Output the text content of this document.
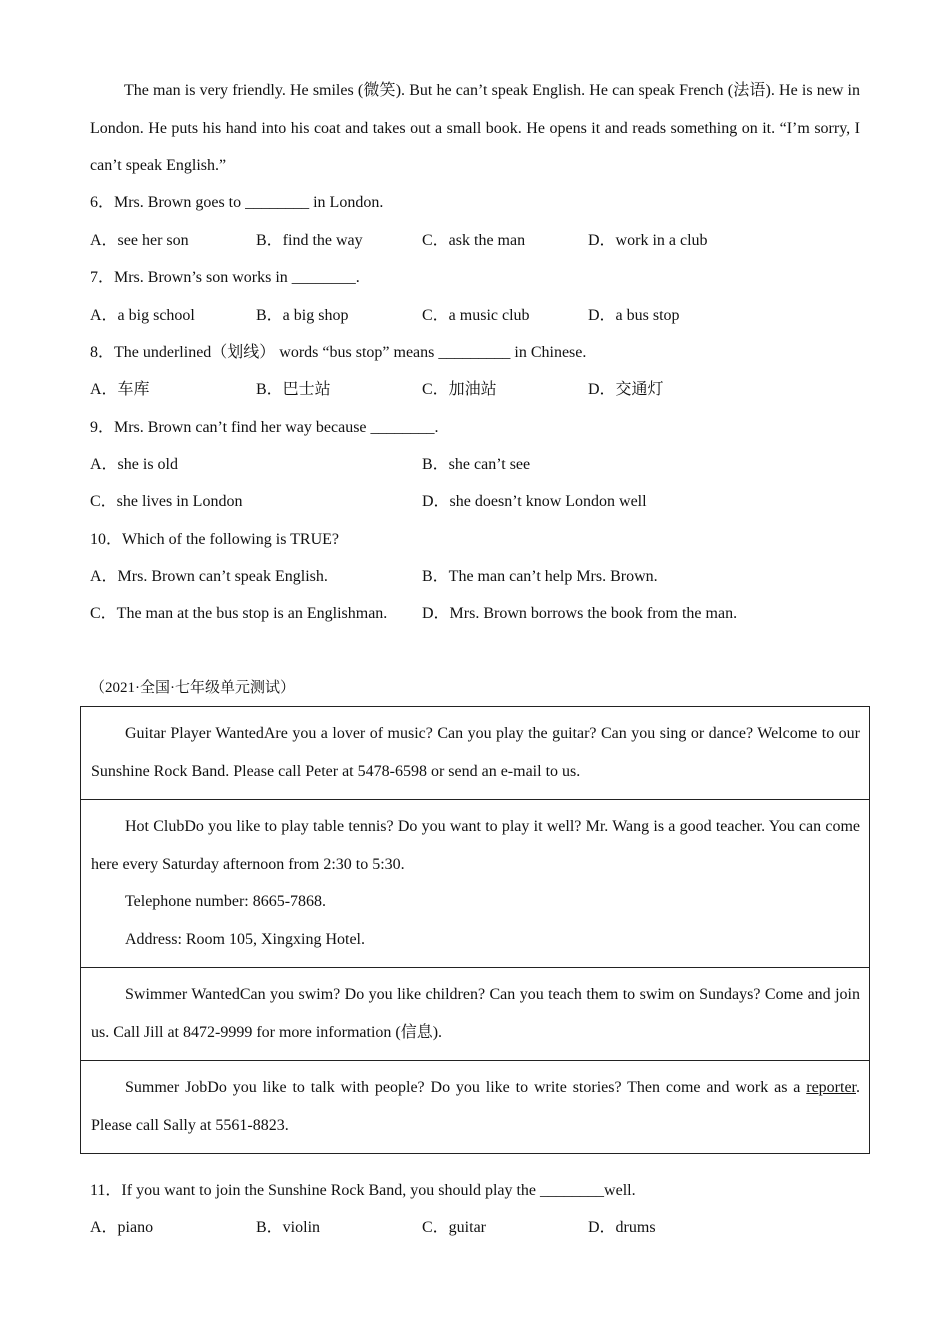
The man is very friendly. He smiles (微笑). But he can’t speak English. He can speak French (法语). He is new in London. He puts his hand into his coat and takes out a small book. He opens it and reads something on it. “I’m sorry, I can’t speak English.”

6．Mrs. Brown goes to ________ in London.
A．see her son	B．find the way	C．ask the man	D．work in a club
7．Mrs. Brown’s son works in ________.
A．a big school	B．a big shop	C．a music club	D．a bus stop
8．The underlined（划线） words “bus stop” means _________ in Chinese.
A．车库	B．巴士站	C．加油站	D．交通灯
9．Mrs. Brown can’t find her way because ________.
A．she is old	B．she can’t see
C．she lives in London	D．she doesn’t know London well
10．Which of the following is TRUE?
A．Mrs. Brown can’t speak English.	B．The man can’t help Mrs. Brown.
C．The man at the bus stop is an Englishman. D．Mrs. Brown borrows the book from the man.
（2021·全国·七年级单元测试）

Guitar Player WantedAre you a lover of music? Can you play the guitar? Can you sing or dance? Welcome to our Sunshine Rock Band. Please call Peter at 5478-6598 or send an e-mail to us.

Hot ClubDo you like to play table tennis? Do you want to play it well? Mr. Wang is a good teacher. You can come here every Saturday afternoon from 2:30 to 5:30.

Telephone number: 8665-7868.

Address: Room 105, Xingxing Hotel.

Swimmer WantedCan you swim? Do you like children? Can you teach them to swim on Sundays? Come and join us. Call Jill at 8472-9999 for more information (信息).

Summer JobDo you like to talk with people? Do you like to write stories? Then come and work as a reporter. Please call Sally at 5561-8823.

11．If you want to join the Sunshine Rock Band, you should play the ________well.
A．piano	B．violin	C．guitar	D．drums
